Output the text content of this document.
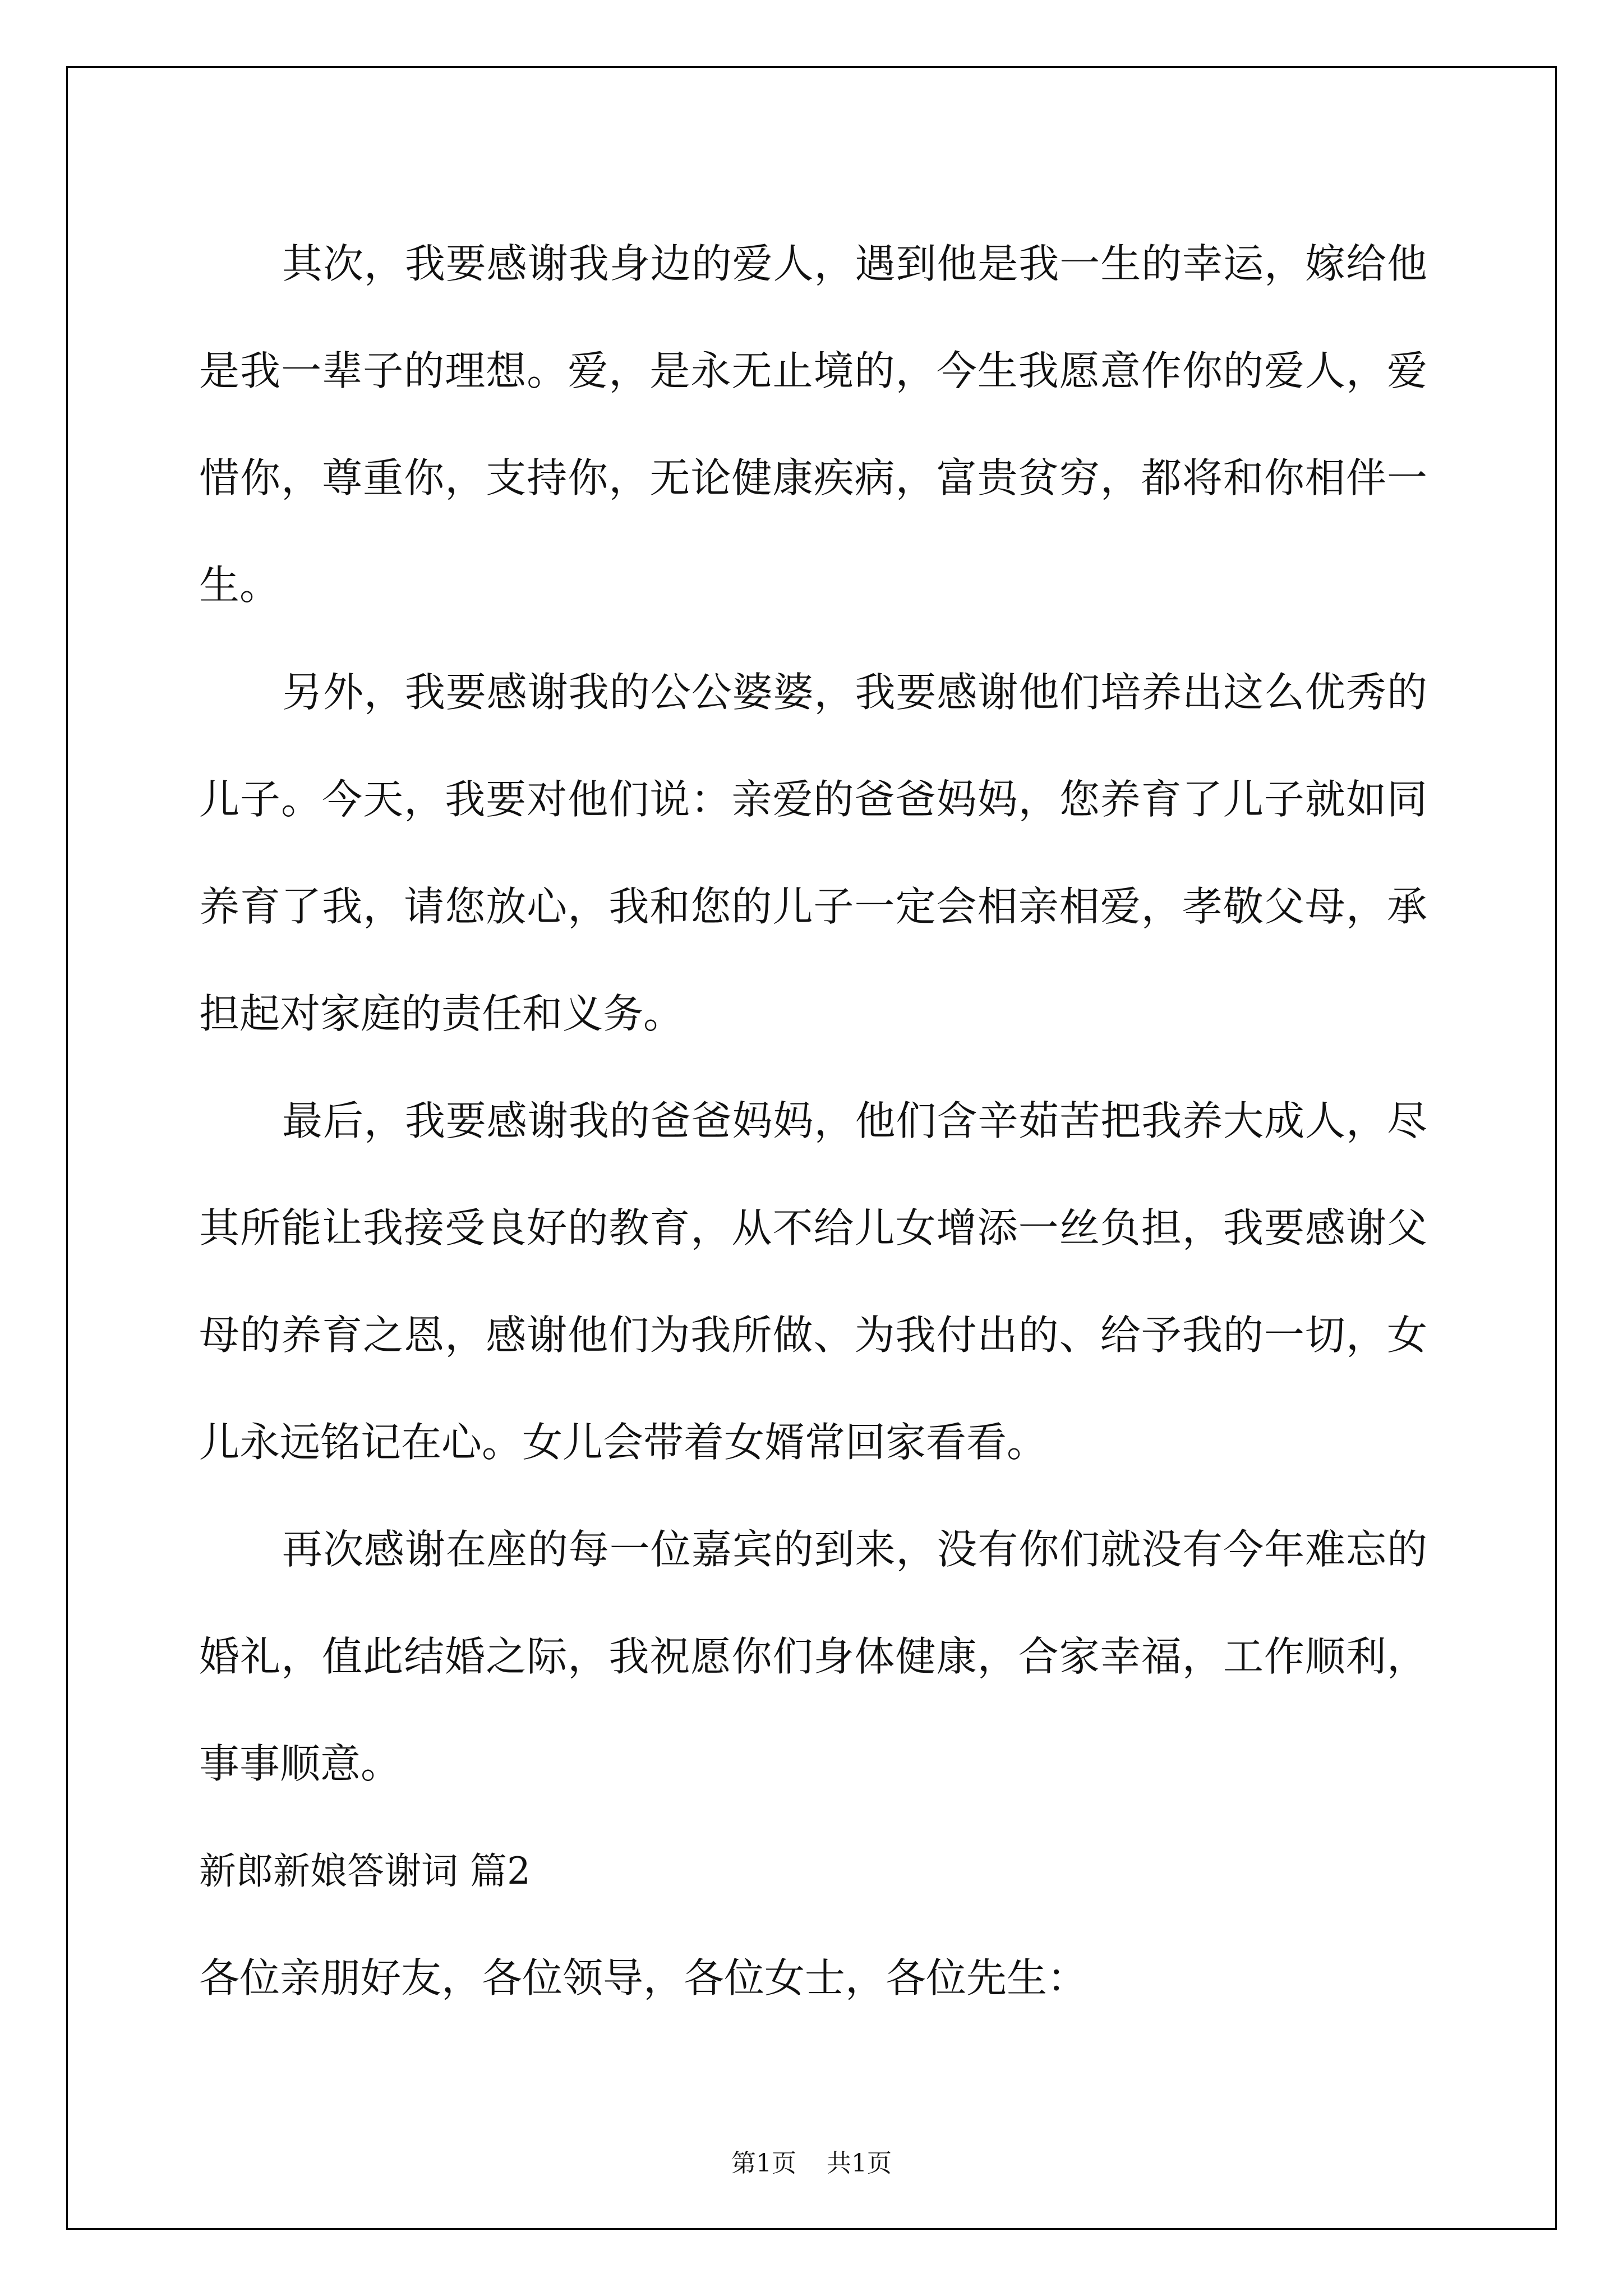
其次，我要感谢我身边的爱人，遇到他是我一生的幸运，嫁给他是我一辈子的理想。爱，是永无止境的，今生我愿意作你的爱人，爱惜你，尊重你，支持你，无论健康疾病，富贵贫穷，都将和你相伴一生。

另外，我要感谢我的公公婆婆，我要感谢他们培养出这么优秀的儿子。今天，我要对他们说：亲爱的爸爸妈妈，您养育了儿子就如同养育了我，请您放心，我和您的儿子一定会相亲相爱，孝敬父母，承担起对家庭的责任和义务。

最后，我要感谢我的爸爸妈妈，他们含辛茹苦把我养大成人，尽其所能让我接受良好的教育，从不给儿女增添一丝负担，我要感谢父母的养育之恩，感谢他们为我所做、为我付出的、给予我的一切，女儿永远铭记在心。女儿会带着女婿常回家看看。

再次感谢在座的每一位嘉宾的到来，没有你们就没有今年难忘的婚礼，值此结婚之际，我祝愿你们身体健康，合家幸福，工作顺利，事事顺意。

新郎新娘答谢词 篇2

各位亲朋好友，各位领导，各位女士，各位先生：

第1页 共1页
